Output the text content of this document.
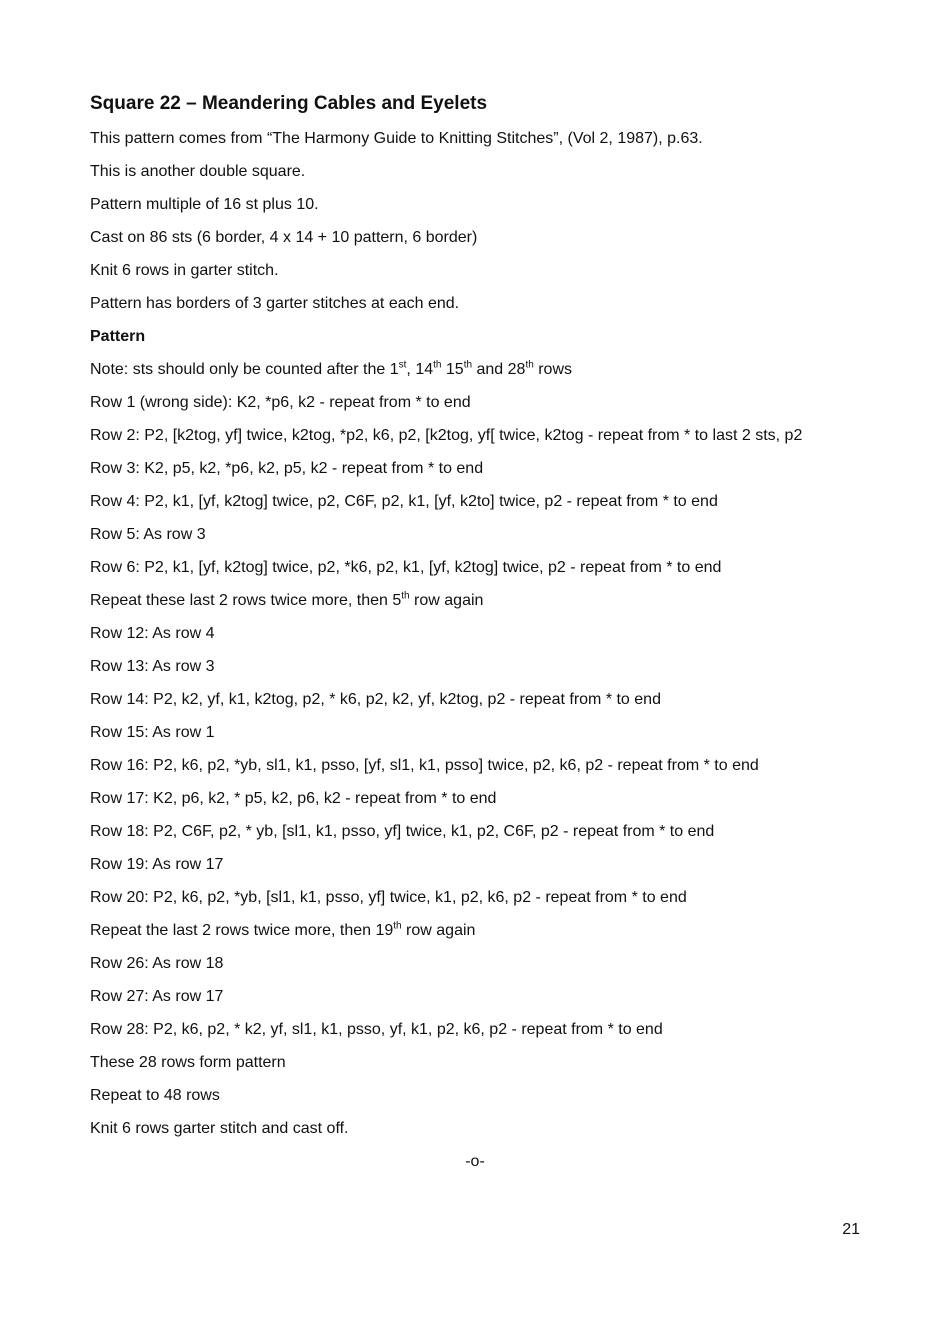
Square 22 – Meandering Cables and Eyelets
This pattern comes from “The Harmony Guide to Knitting Stitches”, (Vol 2, 1987), p.63.
This is another double square.
Pattern multiple of 16 st plus 10.
Cast on 86 sts (6 border, 4 x 14 + 10 pattern, 6 border)
Knit 6 rows in garter stitch.
Pattern has borders of 3 garter stitches at each end.
Pattern
Note: sts should only be counted after the 1st, 14th 15th and 28th rows
Row 1 (wrong side): K2, *p6, k2 - repeat from * to end
Row 2: P2, [k2tog, yf] twice, k2tog, *p2, k6, p2, [k2tog, yf[ twice, k2tog - repeat from * to last 2 sts, p2
Row 3: K2, p5, k2, *p6, k2, p5, k2 - repeat from * to end
Row 4: P2, k1, [yf, k2tog] twice, p2, C6F, p2, k1, [yf, k2to] twice, p2 - repeat from * to end
Row 5: As row 3
Row 6: P2, k1, [yf, k2tog] twice, p2, *k6, p2, k1, [yf, k2tog] twice, p2 - repeat from * to end
Repeat these last 2 rows twice more, then 5th row again
Row 12: As row 4
Row 13: As row 3
Row 14: P2, k2, yf, k1, k2tog, p2, * k6, p2, k2, yf, k2tog, p2 - repeat from * to end
Row 15: As row 1
Row 16: P2, k6, p2, *yb, sl1, k1, psso, [yf, sl1, k1, psso] twice, p2, k6, p2 - repeat from * to end
Row 17: K2, p6, k2, * p5, k2, p6, k2 - repeat from * to end
Row 18: P2, C6F, p2, * yb, [sl1, k1, psso, yf] twice, k1, p2, C6F, p2 - repeat from * to end
Row 19: As row 17
Row 20: P2, k6, p2, *yb, [sl1, k1, psso, yf] twice, k1, p2, k6, p2 - repeat from * to end
Repeat the last 2 rows twice more, then 19th row again
Row 26: As row 18
Row 27: As row 17
Row 28: P2, k6, p2, * k2, yf, sl1, k1, psso, yf, k1, p2, k6, p2 - repeat from * to end
These 28 rows form pattern
Repeat to 48 rows
Knit 6 rows garter stitch and cast off.
-o-
21
